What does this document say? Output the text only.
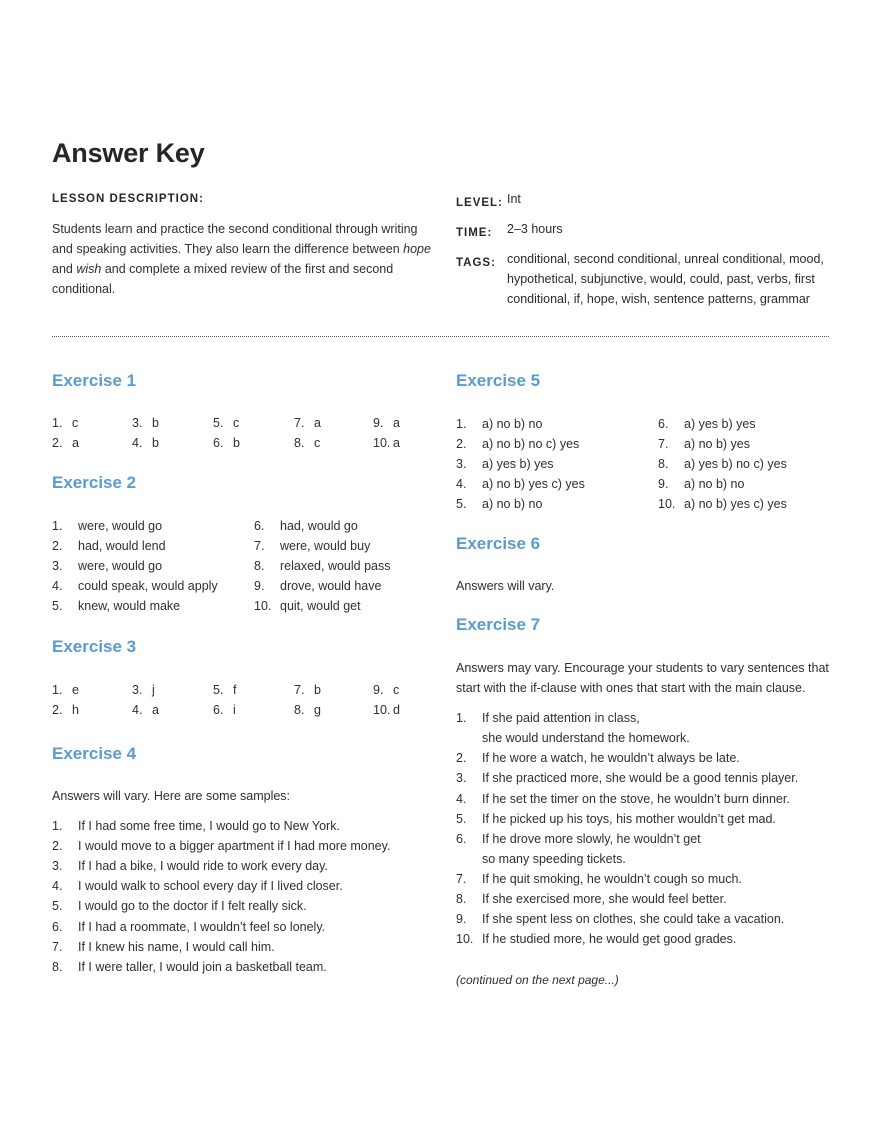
Answer Key
LESSON DESCRIPTION:
Students learn and practice the second conditional through writing and speaking activities. They also learn the difference between hope and wish and complete a mixed review of the first and second conditional.
LEVEL: Int
TIME: 2–3 hours
TAGS: conditional, second conditional, unreal conditional, mood, hypothetical, subjunctive, would, could, past, verbs, first conditional, if, hope, wish, sentence patterns, grammar
Exercise 1
1. c
2. a
3. b
4. b
5. c
6. b
7. a
8. c
9. a
10. a
Exercise 2
1. were, would go
2. had, would lend
3. were, would go
4. could speak, would apply
5. knew, would make
6. had, would go
7. were, would buy
8. relaxed, would pass
9. drove, would have
10. quit, would get
Exercise 3
1. e
2. h
3. j
4. a
5. f
6. i
7. b
8. g
9. c
10. d
Exercise 4
Answers will vary. Here are some samples:
1. If I had some free time, I would go to New York.
2. I would move to a bigger apartment if I had more money.
3. If I had a bike, I would ride to work every day.
4. I would walk to school every day if I lived closer.
5. I would go to the doctor if I felt really sick.
6. If I had a roommate, I wouldn’t feel so lonely.
7. If I knew his name, I would call him.
8. If I were taller, I would join a basketball team.
Exercise 5
1. a) no b) no
2. a) no b) no c) yes
3. a) yes b) yes
4. a) no b) yes c) yes
5. a) no b) no
6. a) yes b) yes
7. a) no b) yes
8. a) yes b) no c) yes
9. a) no b) no
10. a) no b) yes c) yes
Exercise 6
Answers will vary.
Exercise 7
Answers may vary. Encourage your students to vary sentences that
start with the if-clause with ones that start with the main clause.
1. If she paid attention in class,
she would understand the homework.
2. If he wore a watch, he wouldn’t always be late.
3. If she practiced more, she would be a good tennis player.
4. If he set the timer on the stove, he wouldn’t burn dinner.
5. If he picked up his toys, his mother wouldn’t get mad.
6. If he drove more slowly, he wouldn’t get
so many speeding tickets.
7. If he quit smoking, he wouldn’t cough so much.
8. If she exercised more, she would feel better.
9. If she spent less on clothes, she could take a vacation.
10. If he studied more, he would get good grades.
(continued on the next page...)
